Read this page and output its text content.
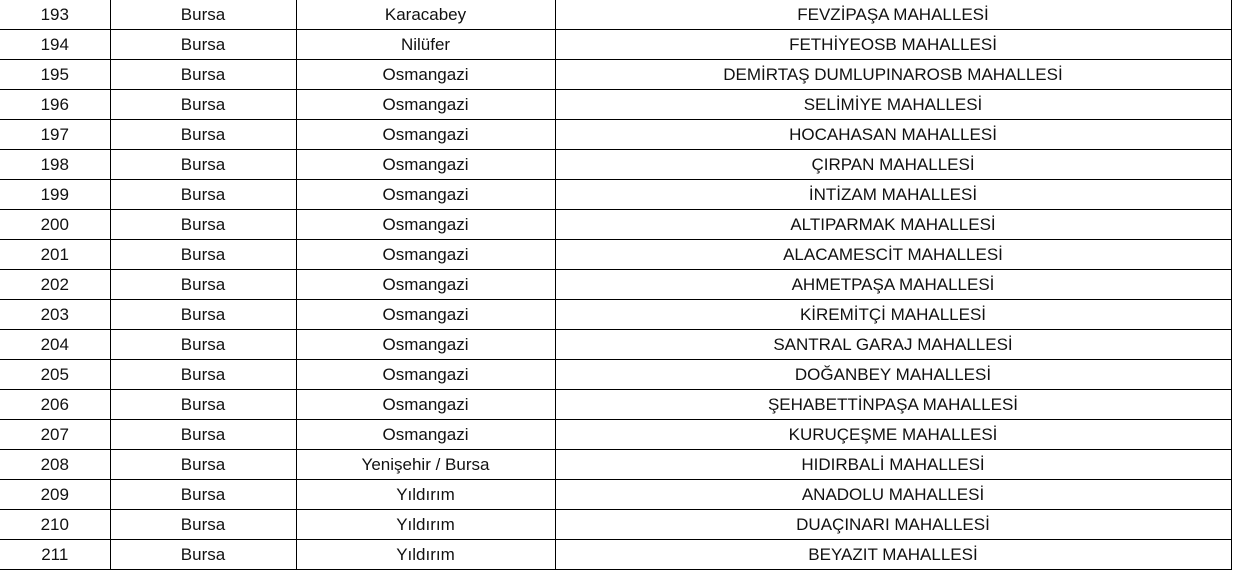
193	Bursa	Karacabey	FEVZİPAŞA MAHALLESİ
194	Bursa	Nilüfer	FETHİYEOSB MAHALLESİ
195	Bursa	Osmangazi	DEMİRTAŞ DUMLUPINAROSB MAHALLESİ
196	Bursa	Osmangazi	SELİMİYE MAHALLESİ
197	Bursa	Osmangazi	HOCAHASAN MAHALLESİ
198	Bursa	Osmangazi	ÇIRPAN MAHALLESİ
199	Bursa	Osmangazi	İNTİZAM MAHALLESİ
200	Bursa	Osmangazi	ALTIPARMAK MAHALLESİ
201	Bursa	Osmangazi	ALACAMESCİT MAHALLESİ
202	Bursa	Osmangazi	AHMETPAŞA MAHALLESİ
203	Bursa	Osmangazi	KİREMİTÇİ MAHALLESİ
204	Bursa	Osmangazi	SANTRAL GARAJ MAHALLESİ
205	Bursa	Osmangazi	DOĞANBEY MAHALLESİ
206	Bursa	Osmangazi	ŞEHABETTİNPAŞA MAHALLESİ
207	Bursa	Osmangazi	KURUÇEŞME MAHALLESİ
208	Bursa	Yenişehir / Bursa	HIDIRBALİ MAHALLESİ
209	Bursa	Yıldırım	ANADOLU MAHALLESİ
210	Bursa	Yıldırım	DUAÇINARI MAHALLESİ
211	Bursa	Yıldırım	BEYAZIT MAHALLESİ
